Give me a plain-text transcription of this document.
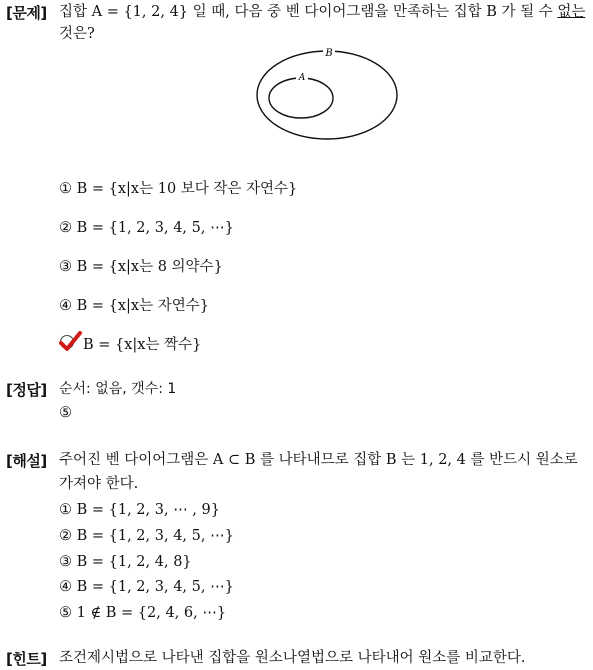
[문제] 집합 A = {1, 2, 4} 일 때, 다음 중 벤 다이어그램을 만족하는 집합 B 가 될 수 없는
것은?
B
A
① B = {x|x는 10 보다 작은 자연수}
② B = {1, 2, 3, 4, 5, ⋯}
③ B = {x|x는 8 의약수}
④ B = {x|x는 자연수}
B = {x|x는 짝수}
[정답] 순서: 없음, 갯수: 1
⑤
[해설] 주어진 벤 다이어그램은 A ⊂ B 를 나타내므로 집합 B 는 1, 2, 4 를 반드시 원소로
가져야 한다.
① B = {1, 2, 3, ⋯ , 9}
② B = {1, 2, 3, 4, 5, ⋯}
③ B = {1, 2, 4, 8}
④ B = {1, 2, 3, 4, 5, ⋯}
⑤ 1 ∉ B = {2, 4, 6, ⋯}
[힌트] 조건제시법으로 나타낸 집합을 원소나열법으로 나타내어 원소를 비교한다.
